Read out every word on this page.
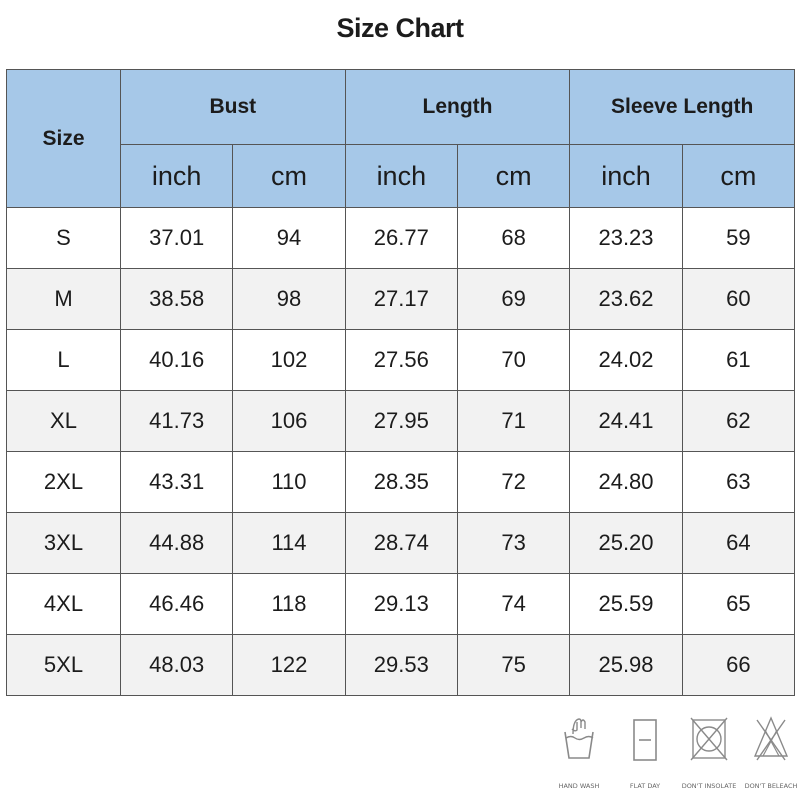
Size Chart
Size	Bust		Length		Sleeve Length	
	inch	cm	inch	cm	inch	cm
S	37.01	94	26.77	68	23.23	59
M	38.58	98	27.17	69	23.62	60
L	40.16	102	27.56	70	24.02	61
XL	41.73	106	27.95	71	24.41	62
2XL	43.31	110	28.35	72	24.80	63
3XL	44.88	114	28.74	73	25.20	64
4XL	46.46	118	29.13	74	25.59	65
5XL	48.03	122	29.53	75	25.98	66
HAND WASH	FLAT DAY	DON'T INSOLATE	DON'T BELEACH
